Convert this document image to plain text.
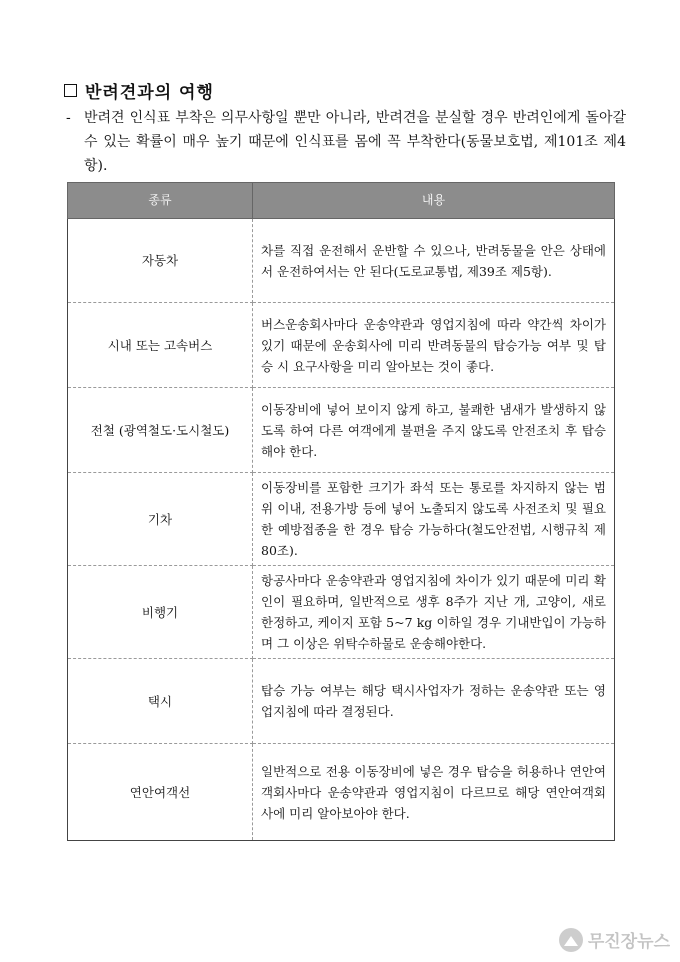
반려견과의 여행
- 반려견 인식표 부착은 의무사항일 뿐만 아니라, 반려견을 분실할 경우 반려인에게 돌아갈 수 있는 확률이 매우 높기 때문에 인식표를 몸에 꼭 부착한다(동물보호법, 제101조 제4항).
종류	내용
자동차	차를 직접 운전해서 운반할 수 있으나, 반려동물을 안은 상태에서 운전하여서는 안 된다(도로교통법, 제39조 제5항).
시내 또는 고속버스	버스운송회사마다 운송약관과 영업지침에 따라 약간씩 차이가 있기 때문에 운송회사에 미리 반려동물의 탑승가능 여부 및 탑승 시 요구사항을 미리 알아보는 것이 좋다.
전철 (광역철도·도시철도)	이동장비에 넣어 보이지 않게 하고, 불쾌한 냄새가 발생하지 않도록 하여 다른 여객에게 불편을 주지 않도록 안전조치 후 탑승해야 한다.
기차	이동장비를 포함한 크기가 좌석 또는 통로를 차지하지 않는 범위 이내, 전용가방 등에 넣어 노출되지 않도록 사전조치 및 필요한 예방접종을 한 경우 탑승 가능하다(철도안전법, 시행규칙 제80조).
비행기	항공사마다 운송약관과 영업지침에 차이가 있기 때문에 미리 확인이 필요하며, 일반적으로 생후 8주가 지난 개, 고양이, 새로 한정하고, 케이지 포함 5~7 kg 이하일 경우 기내반입이 가능하며 그 이상은 위탁수하물로 운송해야한다.
택시	탑승 가능 여부는 해당 택시사업자가 정하는 운송약관 또는 영업지침에 따라 결정된다.
연안여객선	일반적으로 전용 이동장비에 넣은 경우 탑승을 허용하나 연안여객회사마다 운송약관과 영업지침이 다르므로 해당 연안여객회사에 미리 알아보아야 한다.
무진장뉴스
